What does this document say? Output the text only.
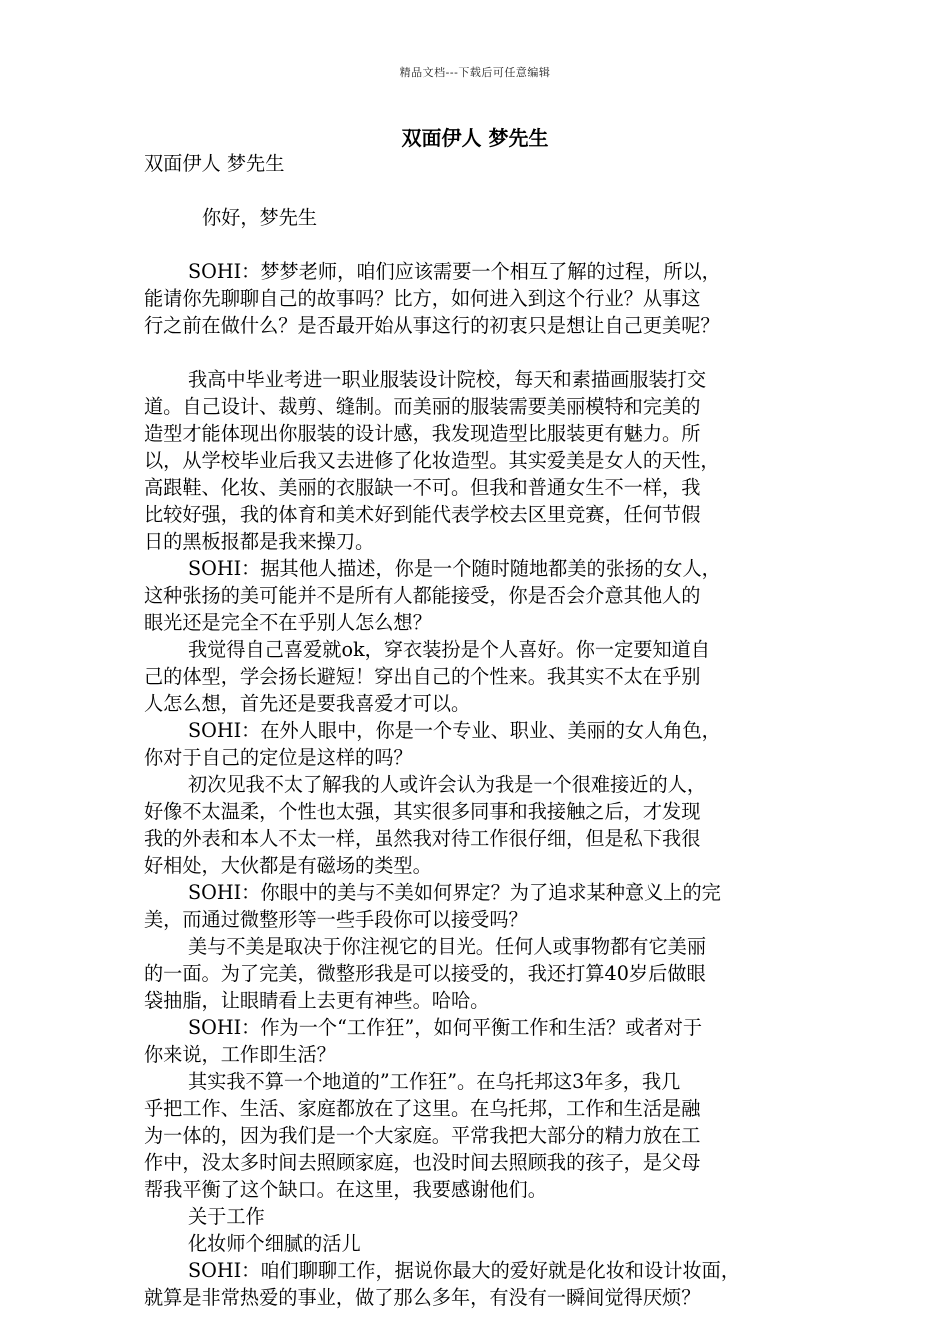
精品文档---下载后可任意编辑
双面伊人 梦先生
双面伊人 梦先生
你好，梦先生
SOHI：梦梦老师，咱们应该需要一个相互了解的过程，所以，
能请你先聊聊自己的故事吗？比方，如何进入到这个行业？从事这
行之前在做什么？是否最开始从事这行的初衷只是想让自己更美呢？
我高中毕业考进一职业服装设计院校，每天和素描画服装打交
道。自己设计、裁剪、缝制。而美丽的服装需要美丽模特和完美的
造型才能体现出你服装的设计感，我发现造型比服装更有魅力。所
以，从学校毕业后我又去进修了化妆造型。其实爱美是女人的天性，
高跟鞋、化妆、美丽的衣服缺一不可。但我和普通女生不一样，我
比较好强，我的体育和美术好到能代表学校去区里竞赛，任何节假
日的黑板报都是我来操刀。
SOHI：据其他人描述，你是一个随时随地都美的张扬的女人，
这种张扬的美可能并不是所有人都能接受，你是否会介意其他人的
眼光还是完全不在乎别人怎么想？
我觉得自己喜爱就ok，穿衣装扮是个人喜好。你一定要知道自
己的体型，学会扬长避短！穿出自己的个性来。我其实不太在乎别
人怎么想，首先还是要我喜爱才可以。
SOHI：在外人眼中，你是一个专业、职业、美丽的女人角色，
你对于自己的定位是这样的吗？
初次见我不太了解我的人或许会认为我是一个很难接近的人，
好像不太温柔，个性也太强，其实很多同事和我接触之后，才发现
我的外表和本人不太一样，虽然我对待工作很仔细，但是私下我很
好相处，大伙都是有磁场的类型。
SOHI：你眼中的美与不美如何界定？为了追求某种意义上的完
美，而通过微整形等一些手段你可以接受吗？
美与不美是取决于你注视它的目光。任何人或事物都有它美丽
的一面。为了完美，微整形我是可以接受的，我还打算40岁后做眼
袋抽脂，让眼睛看上去更有神些。哈哈。
SOHI：作为一个“工作狂”，如何平衡工作和生活？或者对于
你来说，工作即生活？
其实我不算一个地道的”工作狂”。在乌托邦这3年多，我几
乎把工作、生活、家庭都放在了这里。在乌托邦，工作和生活是融
为一体的，因为我们是一个大家庭。平常我把大部分的精力放在工
作中，没太多时间去照顾家庭，也没时间去照顾我的孩子，是父母
帮我平衡了这个缺口。在这里，我要感谢他们。
关于工作
化妆师个细腻的活儿
SOHI：咱们聊聊工作，据说你最大的爱好就是化妆和设计妆面，
就算是非常热爱的事业，做了那么多年，有没有一瞬间觉得厌烦？
